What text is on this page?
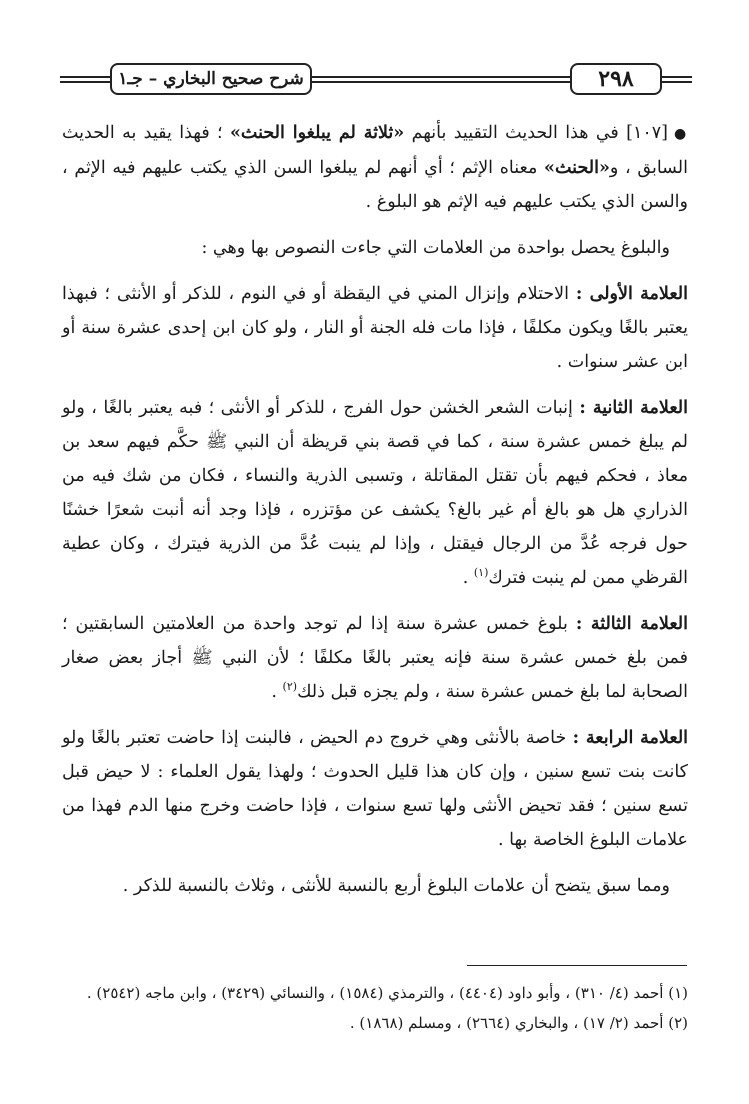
شرح صحيح البخاري – جـ١	٢٩٨

●[١٠٧] في هذا الحديث التقييد بأنهم «ثلاثة لم يبلغوا الحنث» ؛ فهذا يقيد به الحديث السابق ، و«الحنث» معناه الإثم ؛ أي أنهم لم يبلغوا السن الذي يكتب عليهم فيه الإثم ، والسن الذي يكتب عليهم فيه الإثم هو البلوغ .

والبلوغ يحصل بواحدة من العلامات التي جاءت النصوص بها وهي :

العلامة الأولى : الاحتلام وإنزال المني في اليقظة أو في النوم ، للذكر أو الأنثى ؛ فبهذا يعتبر بالغًا ويكون مكلفًا ، فإذا مات فله الجنة أو النار ، ولو كان ابن إحدى عشرة سنة أو ابن عشر سنوات .

العلامة الثانية : إنبات الشعر الخشن حول الفرج ، للذكر أو الأنثى ؛ فبه يعتبر بالغًا ، ولو لم يبلغ خمس عشرة سنة ، كما في قصة بني قريظة أن النبي ﷺ حكَّم فيهم سعد بن معاذ ، فحكم فيهم بأن تقتل المقاتلة ، وتسبى الذرية والنساء ، فكان من شك فيه من الذراري هل هو بالغ أم غير بالغ؟ يكشف عن مؤتزره ، فإذا وجد أنه أنبت شعرًا خشنًا حول فرجه عُدَّ من الرجال فيقتل ، وإذا لم ينبت عُدَّ من الذرية فيترك ، وكان عطية القرظي ممن لم ينبت فترك$^{(١)}$ .

العلامة الثالثة : بلوغ خمس عشرة سنة إذا لم توجد واحدة من العلامتين السابقتين ؛ فمن بلغ خمس عشرة سنة فإنه يعتبر بالغًا مكلفًا ؛ لأن النبي ﷺ أجاز بعض صغار الصحابة لما بلغ خمس عشرة سنة ، ولم يجزه قبل ذلك$^{(٢)}$ .

العلامة الرابعة : خاصة بالأنثى وهي خروج دم الحيض ، فالبنت إذا حاضت تعتبر بالغًا ولو كانت بنت تسع سنين ، وإن كان هذا قليل الحدوث ؛ ولهذا يقول العلماء : لا حيض قبل تسع سنين ؛ فقد تحيض الأنثى ولها تسع سنوات ، فإذا حاضت وخرج منها الدم فهذا من علامات البلوغ الخاصة بها .

ومما سبق يتضح أن علامات البلوغ أربع بالنسبة للأنثى ، وثلاث بالنسبة للذكر .

(١) أحمد (٤/ ٣١٠) ، وأبو داود (٤٤٠٤) ، والترمذي (١٥٨٤) ، والنسائي (٣٤٢٩) ، وابن ماجه (٢٥٤٢) .
(٢) أحمد (٢/ ١٧) ، والبخاري (٢٦٦٤) ، ومسلم (١٨٦٨) .
